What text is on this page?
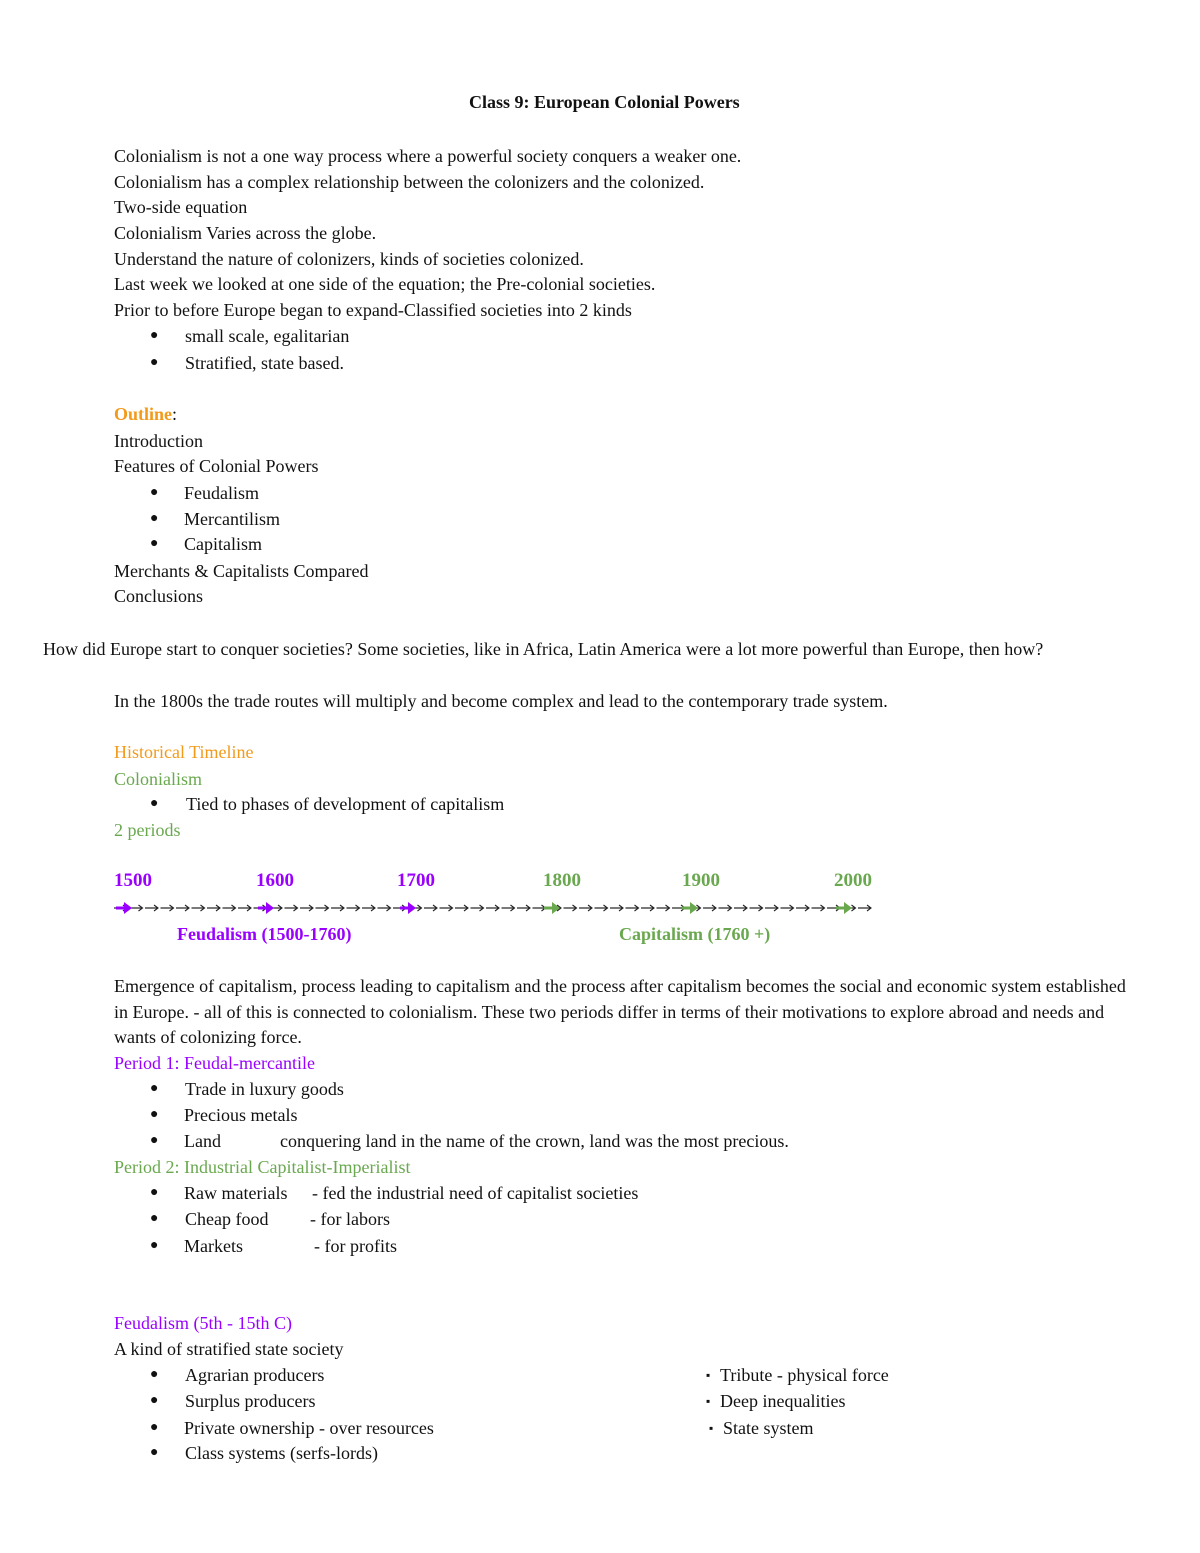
Class 9: European Colonial Powers
Colonialism is not a one way process where a powerful society conquers a weaker one.
Colonialism has a complex relationship between the colonizers and the colonized.
Two-side equation
Colonialism Varies across the globe.
Understand the nature of colonizers, kinds of societies colonized.
Last week we looked at one side of the equation; the Pre-colonial societies.
Prior to before Europe began to expand-Classified societies into 2 kinds
● small scale, egalitarian
● Stratified, state based.
Outline:
Introduction
Features of Colonial Powers
● Feudalism
● Mercantilism
● Capitalism
Merchants & Capitalists Compared
Conclusions
How did Europe start to conquer societies? Some societies, like in Africa, Latin America were a lot more powerful than Europe, then how?
In the 1800s the trade routes will multiply and become complex and lead to the contemporary trade system.
Historical Timeline
Colonialism
● Tied to phases of development of capitalism
2 periods
1500	1600	1700	1800	1900	2000
Feudalism (1500-1760)	Capitalism (1760 +)
Emergence of capitalism, process leading to capitalism and the process after capitalism becomes the social and economic system established in Europe. - all of this is connected to colonialism. These two periods differ in terms of their motivations to explore abroad and needs and wants of colonizing force.
Period 1: Feudal-mercantile
● Trade in luxury goods
● Precious metals
● Land	conquering land in the name of the crown, land was the most precious.
Period 2: Industrial Capitalist-Imperialist
● Raw materials - fed the industrial need of capitalist societies
● Cheap food - for labors
● Markets	- for profits
Feudalism (5th - 15th C)
A kind of stratified state society
● Agrarian producers
● Surplus producers
● Private ownership - over resources
● Class systems (serfs-lords)
▪ Tribute - physical force
▪ Deep inequalities
▪ State system
